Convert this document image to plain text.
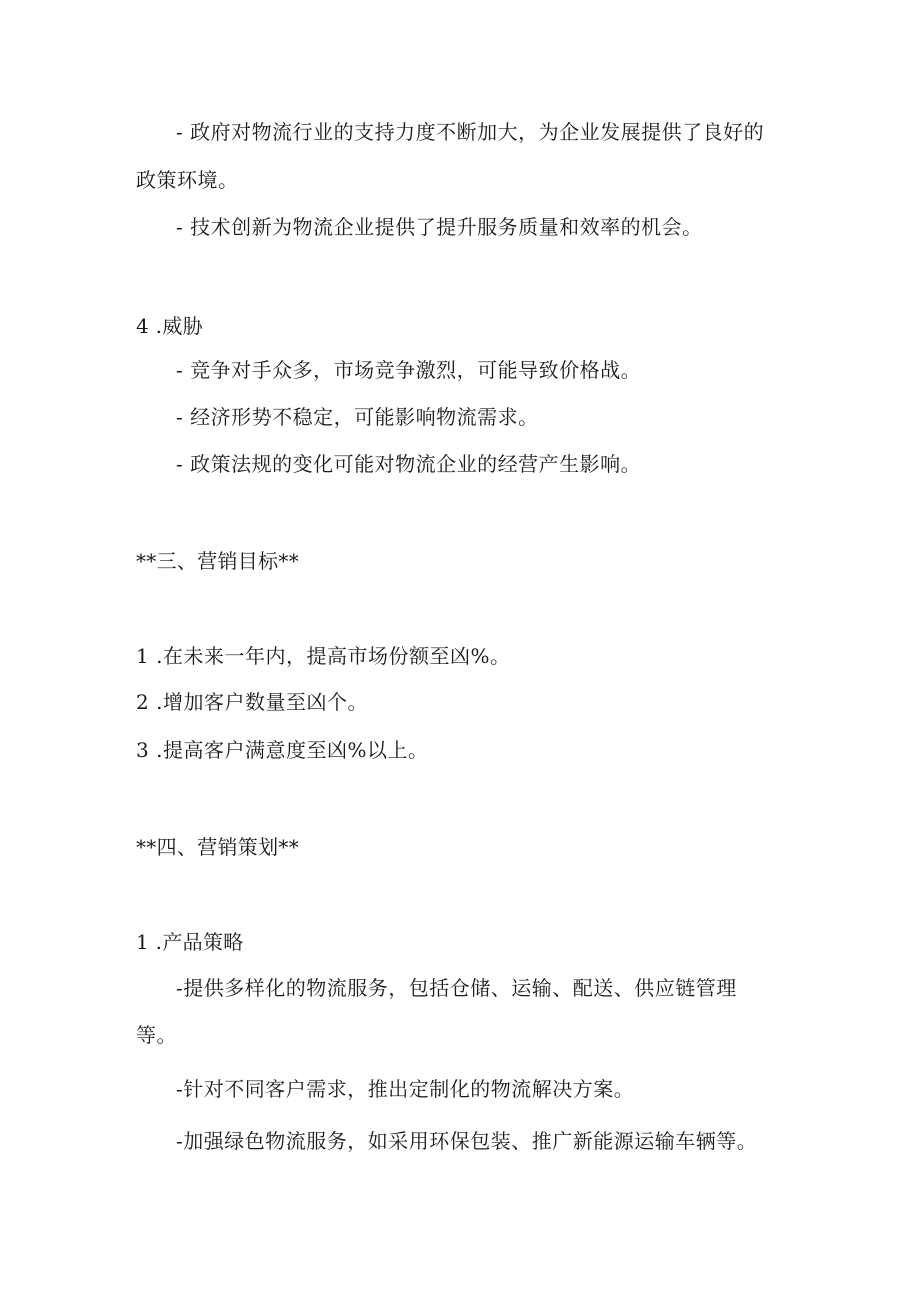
- 政府对物流行业的支持力度不断加大，为企业发展提供了良好的
政策环境。
- 技术创新为物流企业提供了提升服务质量和效率的机会。
4 .威胁
- 竞争对手众多，市场竞争激烈，可能导致价格战。
- 经济形势不稳定，可能影响物流需求。
- 政策法规的变化可能对物流企业的经营产生影响。
**三、营销目标**
1 .在未来一年内，提高市场份额至凶%。
2 .增加客户数量至凶个。
3 .提高客户满意度至凶%以上。
**四、营销策划**
1 .产品策略
-提供多样化的物流服务，包括仓储、运输、配送、供应链管理
等。
-针对不同客户需求，推出定制化的物流解决方案。
-加强绿色物流服务，如采用环保包装、推广新能源运输车辆等。
